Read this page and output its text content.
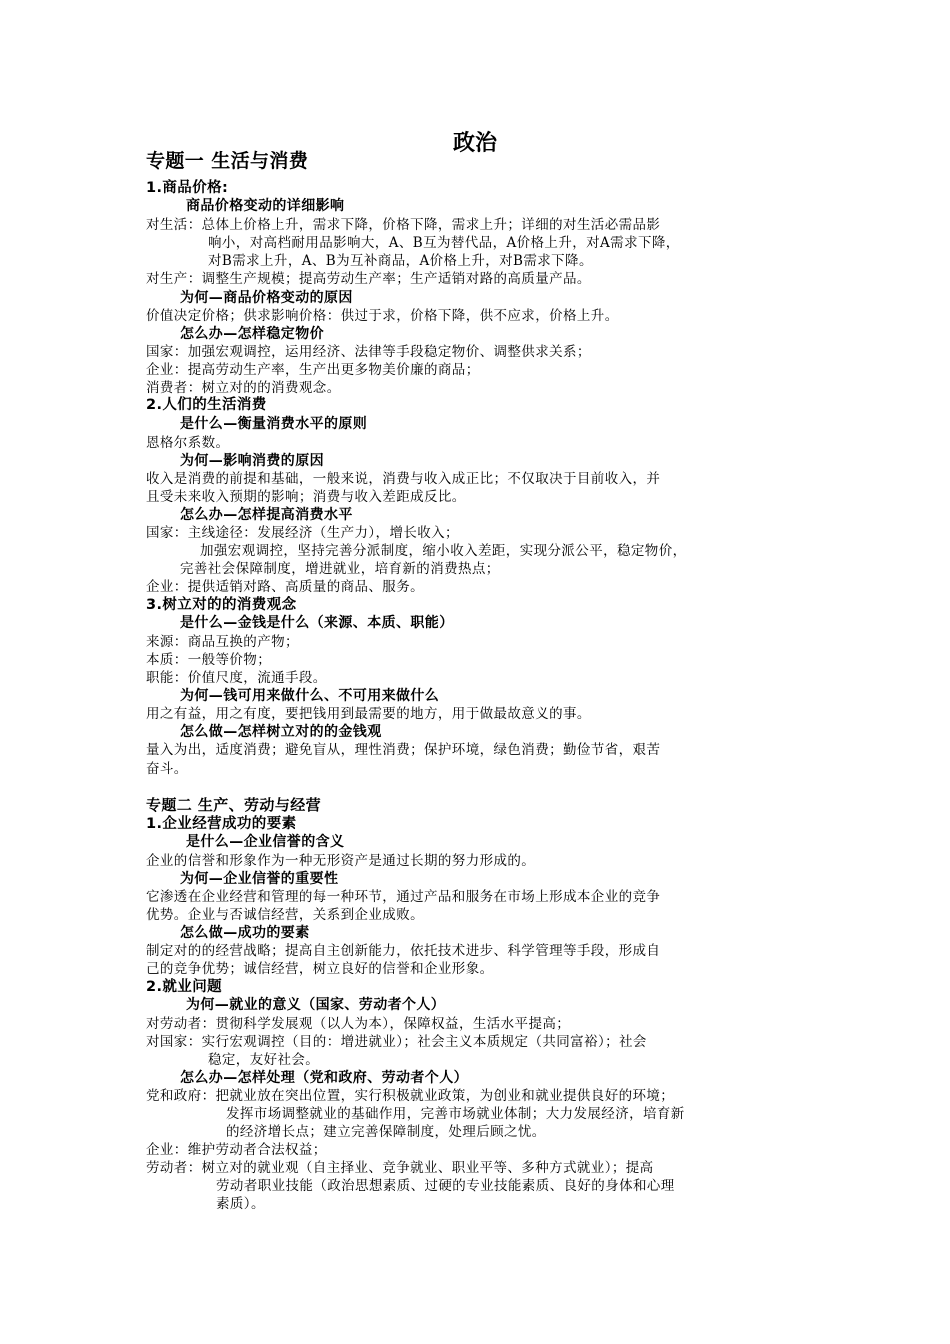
政治
专题一 生活与消费
1.商品价格:
商品价格变动的详细影响
对生活：总体上价格上升，需求下降，价格下降，需求上升；详细的对生活必需品影
响小，对高档耐用品影响大，A、B互为替代品，A价格上升，对A需求下降，
对B需求上升，A、B为互补商品，A价格上升，对B需求下降。
对生产：调整生产规模；提高劳动生产率；生产适销对路的高质量产品。
为何—商品价格变动的原因
价值决定价格；供求影响价格：供过于求，价格下降，供不应求，价格上升。
怎么办—怎样稳定物价
国家：加强宏观调控，运用经济、法律等手段稳定物价、调整供求关系；
企业：提高劳动生产率，生产出更多物美价廉的商品；
消费者：树立对的的消费观念。
2.人们的生活消费
是什么—衡量消费水平的原则
恩格尔系数。
为何—影响消费的原因
收入是消费的前提和基础，一般来说，消费与收入成正比；不仅取决于目前收入，并
且受未来收入预期的影响；消费与收入差距成反比。
怎么办—怎样提高消费水平
国家：主线途径：发展经济（生产力），增长收入；
加强宏观调控，坚持完善分派制度，缩小收入差距，实现分派公平，稳定物价，
完善社会保障制度，增进就业，培育新的消费热点；
企业：提供适销对路、高质量的商品、服务。
3.树立对的的消费观念
是什么—金钱是什么（来源、本质、职能）
来源：商品互换的产物；
本质：一般等价物；
职能：价值尺度，流通手段。
为何—钱可用来做什么、不可用来做什么
用之有益，用之有度，要把钱用到最需要的地方，用于做最故意义的事。
怎么做—怎样树立对的的金钱观
量入为出，适度消费；避免盲从，理性消费；保护环境，绿色消费；勤俭节省，艰苦
奋斗。
专题二 生产、劳动与经营
1.企业经营成功的要素
是什么—企业信誉的含义
企业的信誉和形象作为一种无形资产是通过长期的努力形成的。
为何—企业信誉的重要性
它渗透在企业经营和管理的每一种环节，通过产品和服务在市场上形成本企业的竞争
优势。企业与否诚信经营，关系到企业成败。
怎么做—成功的要素
制定对的的经营战略；提高自主创新能力，依托技术进步、科学管理等手段，形成自
己的竞争优势；诚信经营，树立良好的信誉和企业形象。
2.就业问题
为何—就业的意义（国家、劳动者个人）
对劳动者：贯彻科学发展观（以人为本），保障权益，生活水平提高；
对国家：实行宏观调控（目的：增进就业）；社会主义本质规定（共同富裕）；社会
稳定，友好社会。
怎么办—怎样处理（党和政府、劳动者个人）
党和政府：把就业放在突出位置，实行积极就业政策，为创业和就业提供良好的环境；
发挥市场调整就业的基础作用，完善市场就业体制；大力发展经济，培育新
的经济增长点；建立完善保障制度，处理后顾之忧。
企业：维护劳动者合法权益；
劳动者：树立对的就业观（自主择业、竞争就业、职业平等、多种方式就业）；提高
劳动者职业技能（政治思想素质、过硬的专业技能素质、良好的身体和心理
素质）。
